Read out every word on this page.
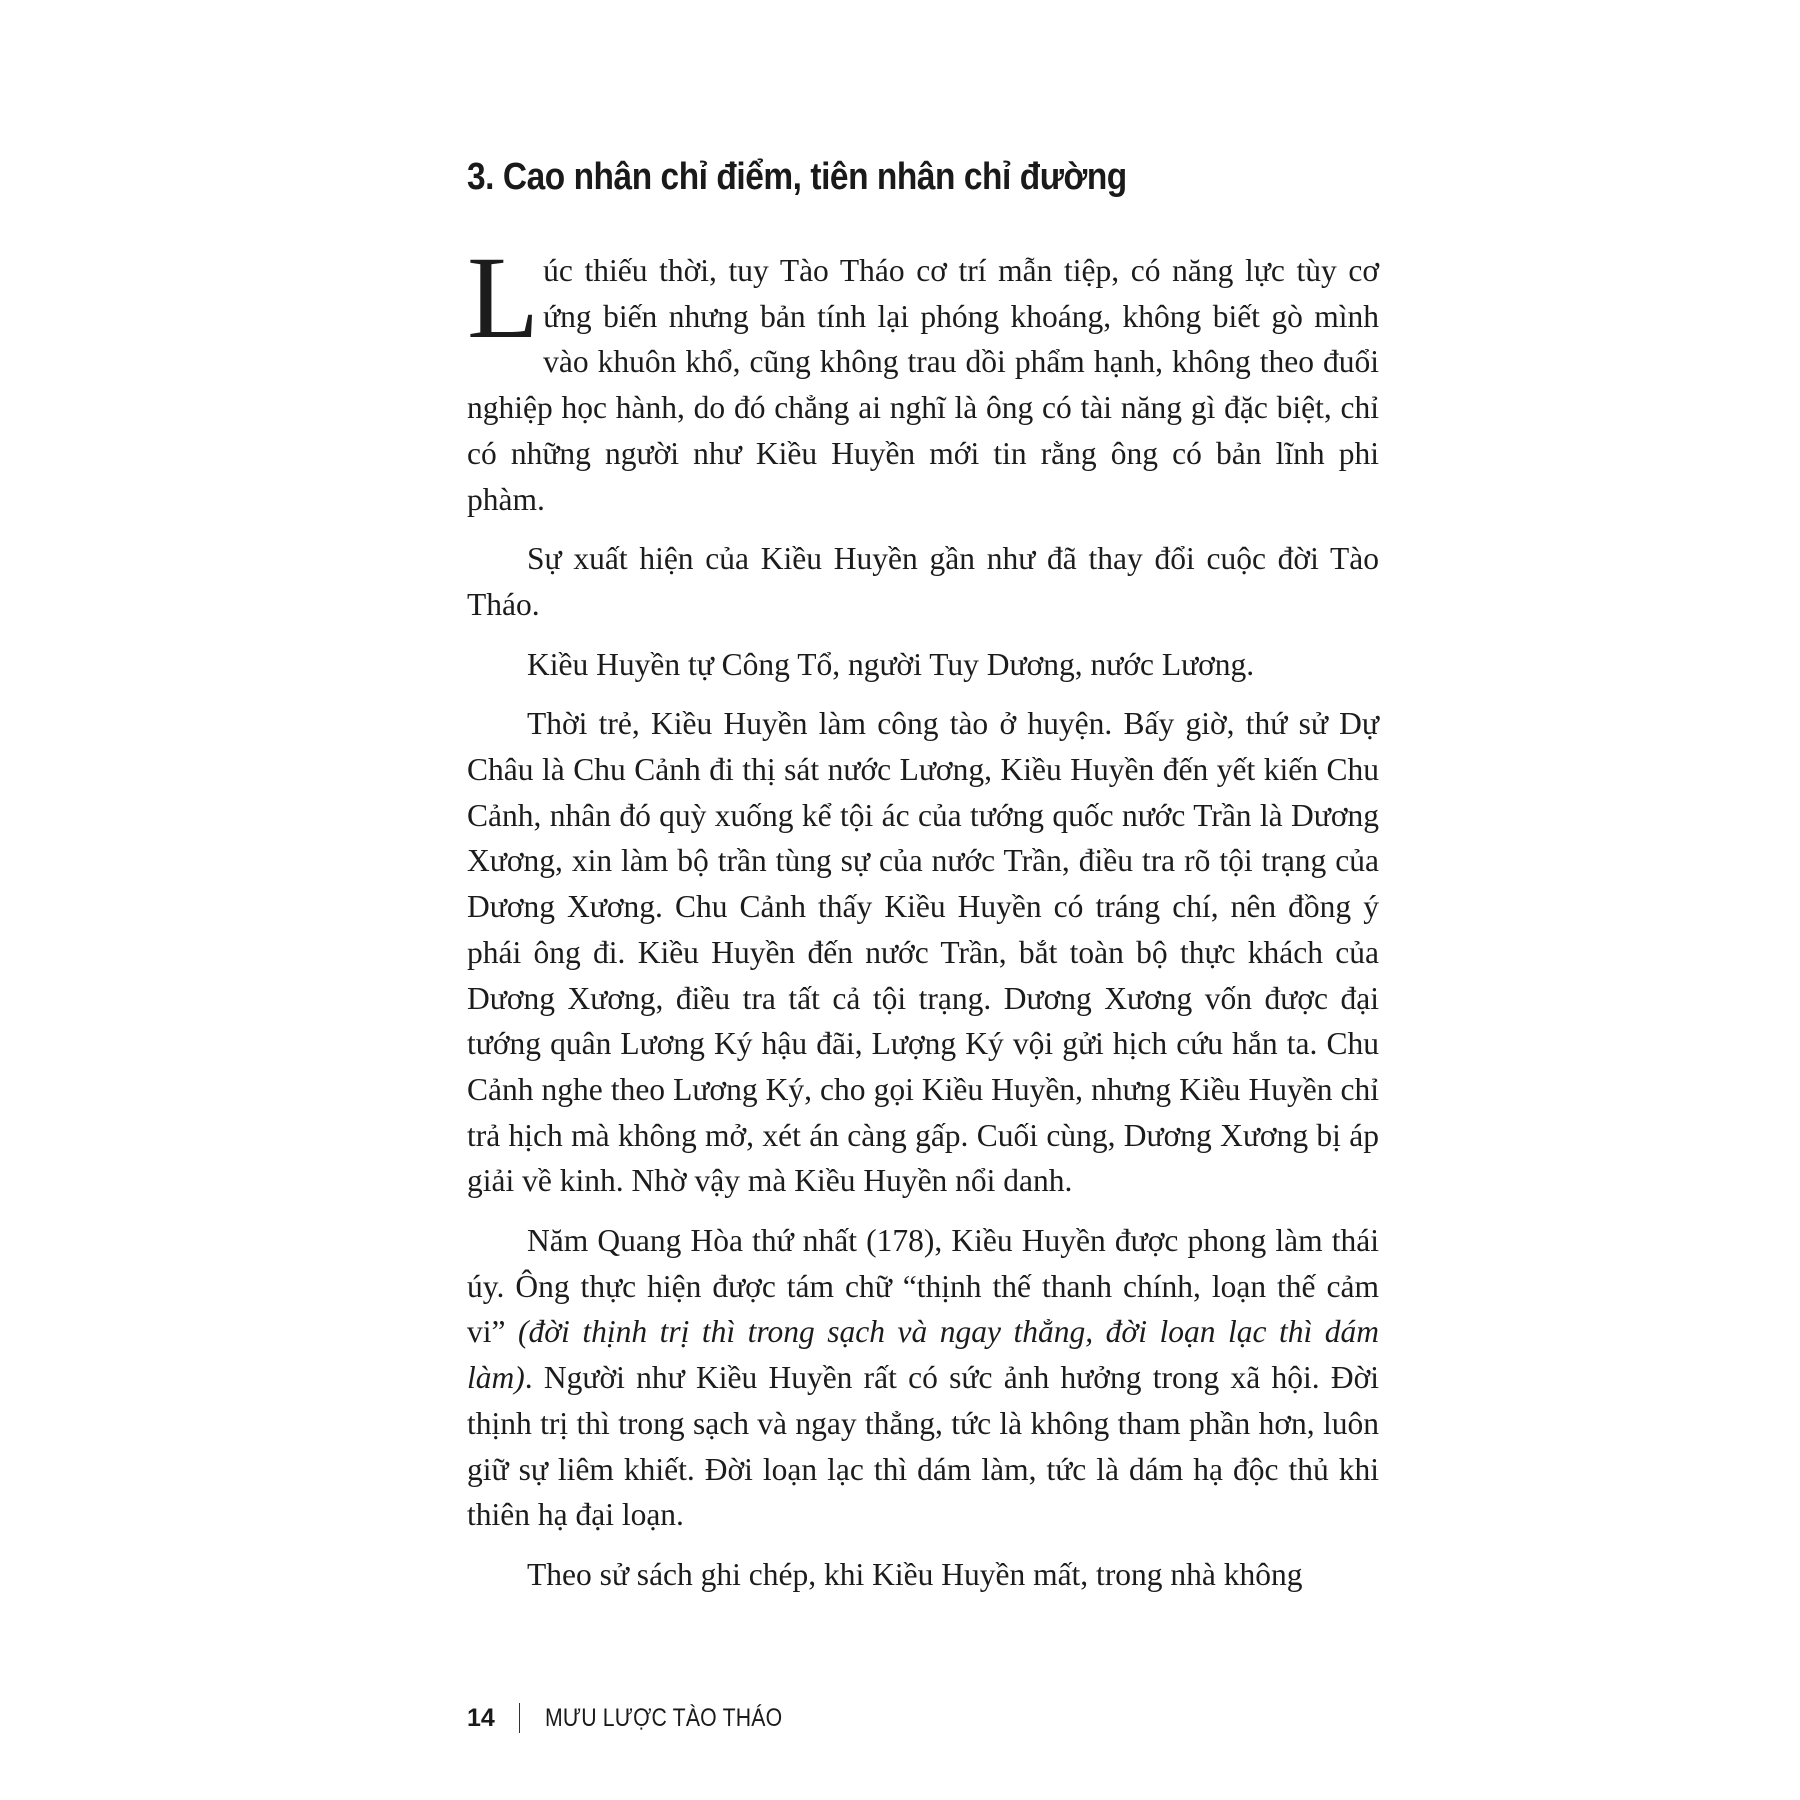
3. Cao nhân chỉ điểm, tiên nhân chỉ đường

Lúc thiếu thời, tuy Tào Tháo cơ trí mẫn tiệp, có năng lực tùy cơ ứng biến nhưng bản tính lại phóng khoáng, không biết gò mình vào khuôn khổ, cũng không trau dồi phẩm hạnh, không theo đuổi nghiệp học hành, do đó chẳng ai nghĩ là ông có tài năng gì đặc biệt, chỉ có những người như Kiều Huyền mới tin rằng ông có bản lĩnh phi phàm.

Sự xuất hiện của Kiều Huyền gần như đã thay đổi cuộc đời Tào Tháo.

Kiều Huyền tự Công Tổ, người Tuy Dương, nước Lương.

Thời trẻ, Kiều Huyền làm công tào ở huyện. Bấy giờ, thứ sử Dự Châu là Chu Cảnh đi thị sát nước Lương, Kiều Huyền đến yết kiến Chu Cảnh, nhân đó quỳ xuống kể tội ác của tướng quốc nước Trần là Dương Xương, xin làm bộ trần tùng sự của nước Trần, điều tra rõ tội trạng của Dương Xương. Chu Cảnh thấy Kiều Huyền có tráng chí, nên đồng ý phái ông đi. Kiều Huyền đến nước Trần, bắt toàn bộ thực khách của Dương Xương, điều tra tất cả tội trạng. Dương Xương vốn được đại tướng quân Lương Ký hậu đãi, Lượng Ký vội gửi hịch cứu hắn ta. Chu Cảnh nghe theo Lương Ký, cho gọi Kiều Huyền, nhưng Kiều Huyền chỉ trả hịch mà không mở, xét án càng gấp. Cuối cùng, Dương Xương bị áp giải về kinh. Nhờ vậy mà Kiều Huyền nổi danh.

Năm Quang Hòa thứ nhất (178), Kiều Huyền được phong làm thái úy. Ông thực hiện được tám chữ “thịnh thế thanh chính, loạn thế cảm vi” (đời thịnh trị thì trong sạch và ngay thẳng, đời loạn lạc thì dám làm). Người như Kiều Huyền rất có sức ảnh hưởng trong xã hội. Đời thịnh trị thì trong sạch và ngay thẳng, tức là không tham phần hơn, luôn giữ sự liêm khiết. Đời loạn lạc thì dám làm, tức là dám hạ độc thủ khi thiên hạ đại loạn.

Theo sử sách ghi chép, khi Kiều Huyền mất, trong nhà không

14 MƯU LƯỢC TÀO THÁO
